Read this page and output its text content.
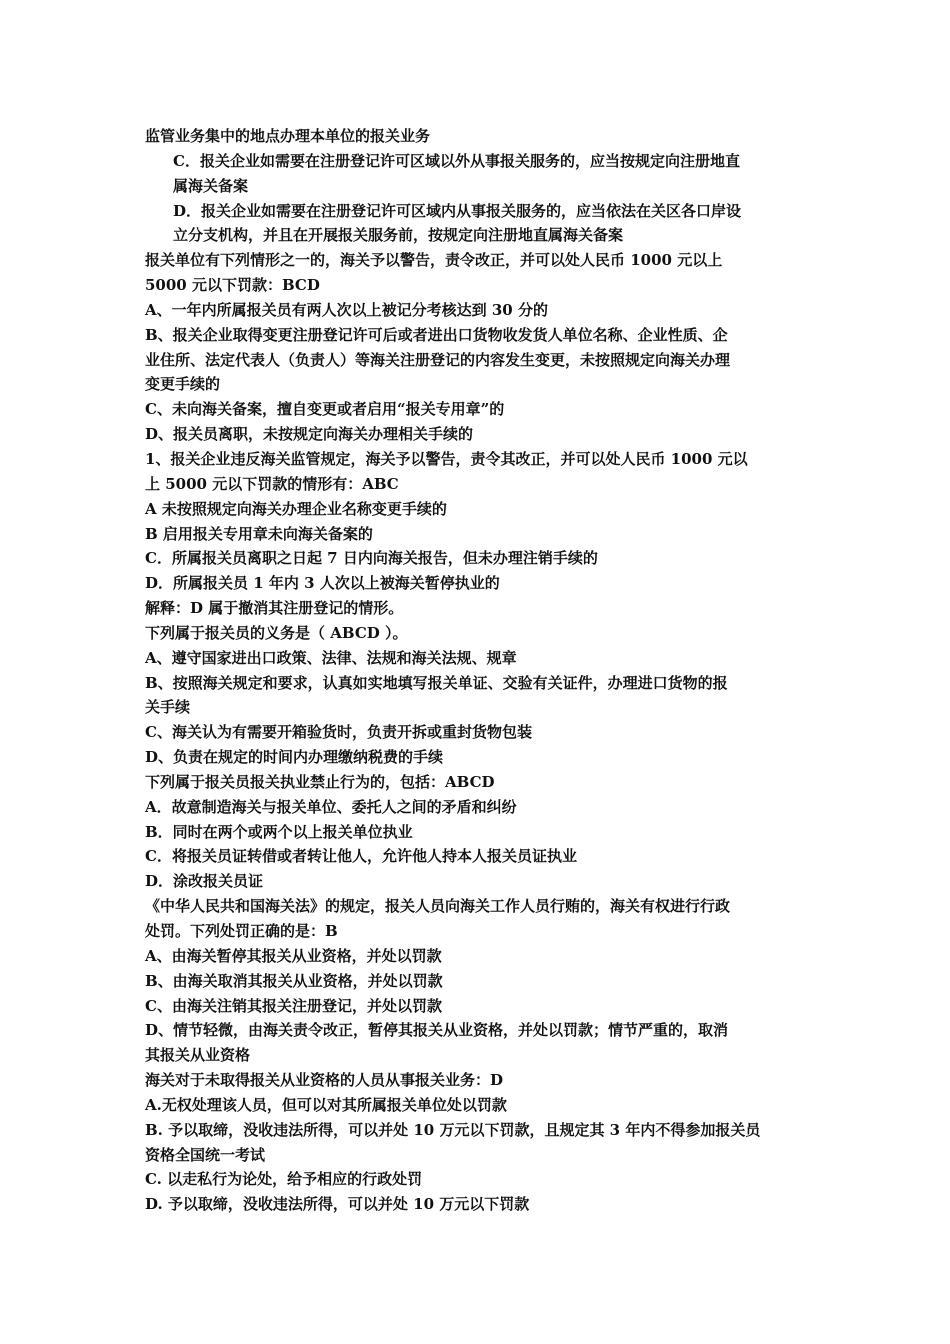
监管业务集中的地点办理本单位的报关业务
C．报关企业如需要在注册登记许可区域以外从事报关服务的，应当按规定向注册地直
属海关备案
D．报关企业如需要在注册登记许可区域内从事报关服务的，应当依法在关区各口岸设
立分支机构，并且在开展报关服务前，按规定向注册地直属海关备案
报关单位有下列情形之一的，海关予以警告，责令改正，并可以处人民币 1000 元以上
5000 元以下罚款：BCD
A、一年内所属报关员有两人次以上被记分考核达到 30 分的
B、报关企业取得变更注册登记许可后或者进出口货物收发货人单位名称、企业性质、企
业住所、法定代表人（负责人）等海关注册登记的内容发生变更，未按照规定向海关办理
变更手续的
C、未向海关备案，擅自变更或者启用“报关专用章”的
D、报关员离职，未按规定向海关办理相关手续的
1、报关企业违反海关监管规定，海关予以警告，责令其改正，并可以处人民币 1000 元以
上 5000 元以下罚款的情形有：ABC
A 未按照规定向海关办理企业名称变更手续的
B 启用报关专用章未向海关备案的
C．所属报关员离职之日起 7 日内向海关报告，但未办理注销手续的
D．所属报关员 1 年内 3 人次以上被海关暂停执业的
解释：D 属于撤消其注册登记的情形。
下列属于报关员的义务是（ ABCD ）。
A、遵守国家进出口政策、法律、法规和海关法规、规章
B、按照海关规定和要求，认真如实地填写报关单证、交验有关证件，办理进口货物的报
关手续
C、海关认为有需要开箱验货时，负责开拆或重封货物包装
D、负责在规定的时间内办理缴纳税费的手续
下列属于报关员报关执业禁止行为的，包括：ABCD
A．故意制造海关与报关单位、委托人之间的矛盾和纠纷
B．同时在两个或两个以上报关单位执业
C．将报关员证转借或者转让他人，允许他人持本人报关员证执业
D．涂改报关员证
《中华人民共和国海关法》的规定，报关人员向海关工作人员行贿的，海关有权进行行政
处罚。下列处罚正确的是：B
A、由海关暂停其报关从业资格，并处以罚款
B、由海关取消其报关从业资格，并处以罚款
C、由海关注销其报关注册登记，并处以罚款
D、情节轻微，由海关责令改正，暂停其报关从业资格，并处以罚款；情节严重的，取消
其报关从业资格
海关对于未取得报关从业资格的人员从事报关业务：D
A.无权处理该人员，但可以对其所属报关单位处以罚款
B. 予以取缔，没收违法所得，可以并处 10 万元以下罚款，且规定其 3 年内不得参加报关员
资格全国统一考试
C. 以走私行为论处，给予相应的行政处罚
D. 予以取缔，没收违法所得，可以并处 10 万元以下罚款
